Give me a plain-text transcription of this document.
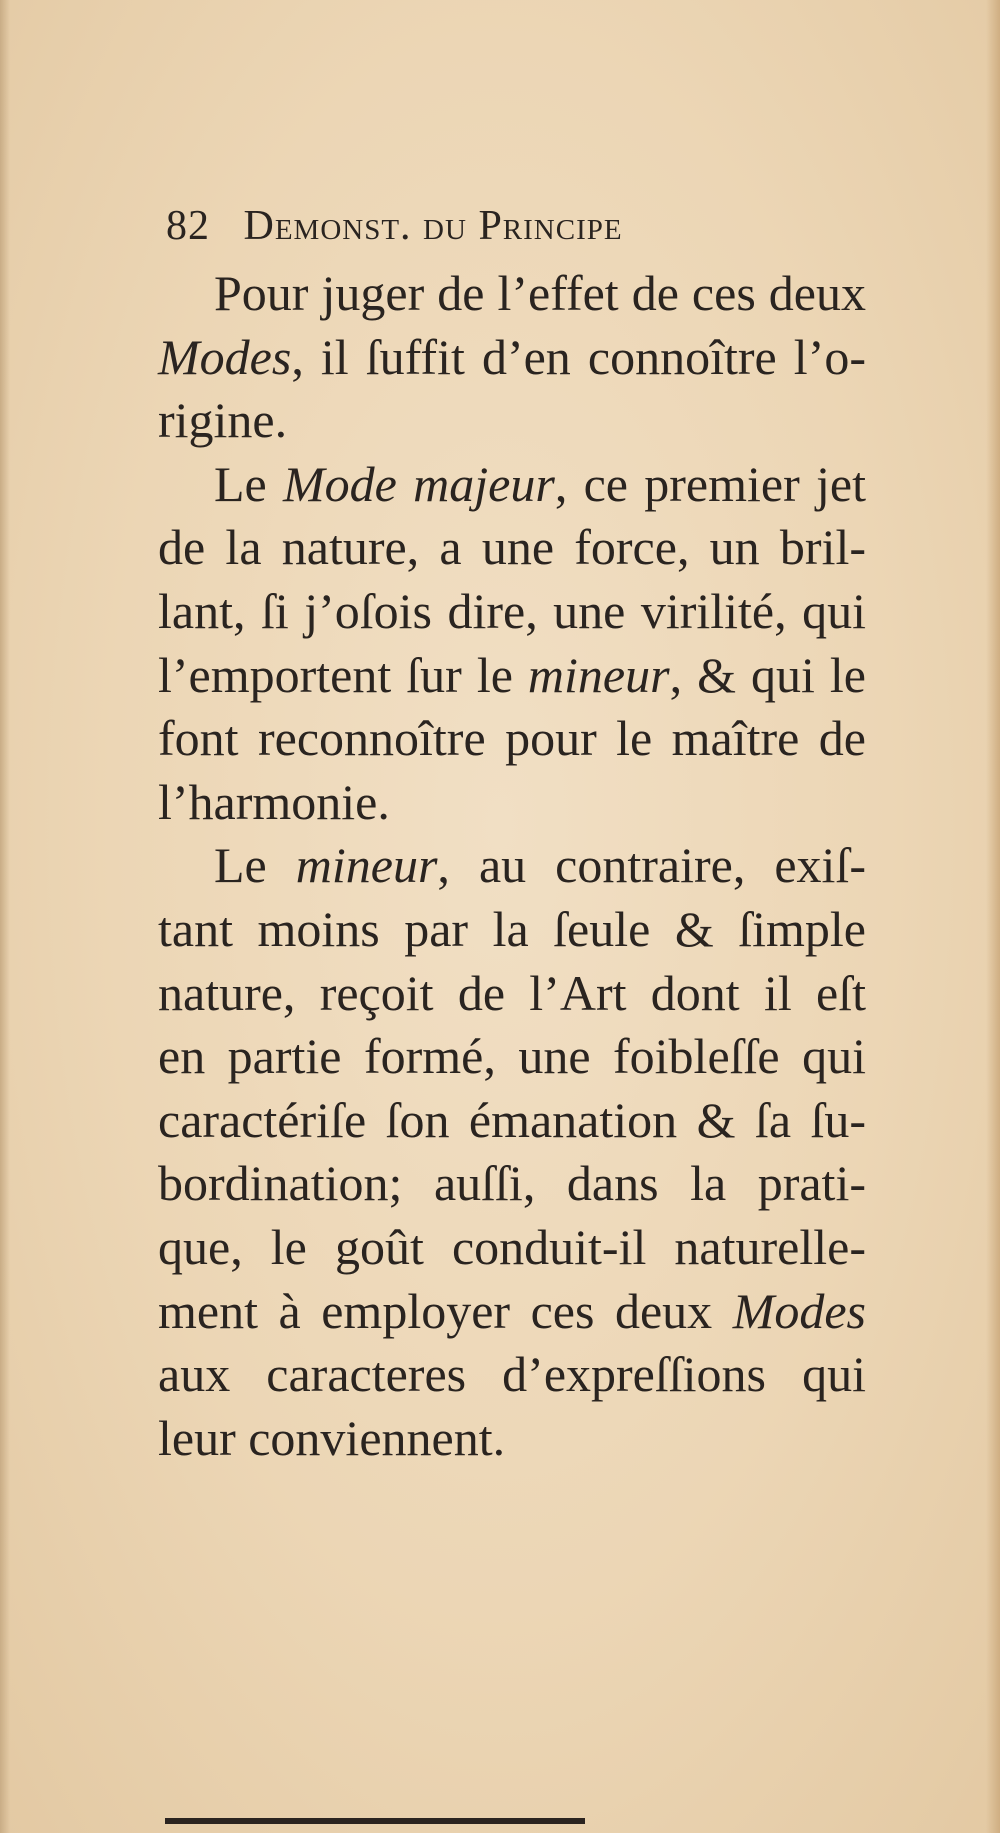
82 Demonst. du Principe
Pour juger de l’effet de ces deux
Modes, il ſuffit d’en connoître l’o-
rigine.
Le Mode majeur, ce premier jet
de la nature, a une force, un bril-
lant, ſi j’oſois dire, une virilité, qui
l’emportent ſur le mineur, & qui le
font reconnoître pour le maître de
l’harmonie.
Le mineur, au contraire, exiſ-
tant moins par la ſeule & ſimple
nature, reçoit de l’Art dont il eſt
en partie formé, une foibleſſe qui
caractériſe ſon émanation & ſa ſu-
bordination; auſſi, dans la prati-
que, le goût conduit-il naturelle-
ment à employer ces deux Modes
aux caracteres d’expreſſions qui
leur conviennent.
